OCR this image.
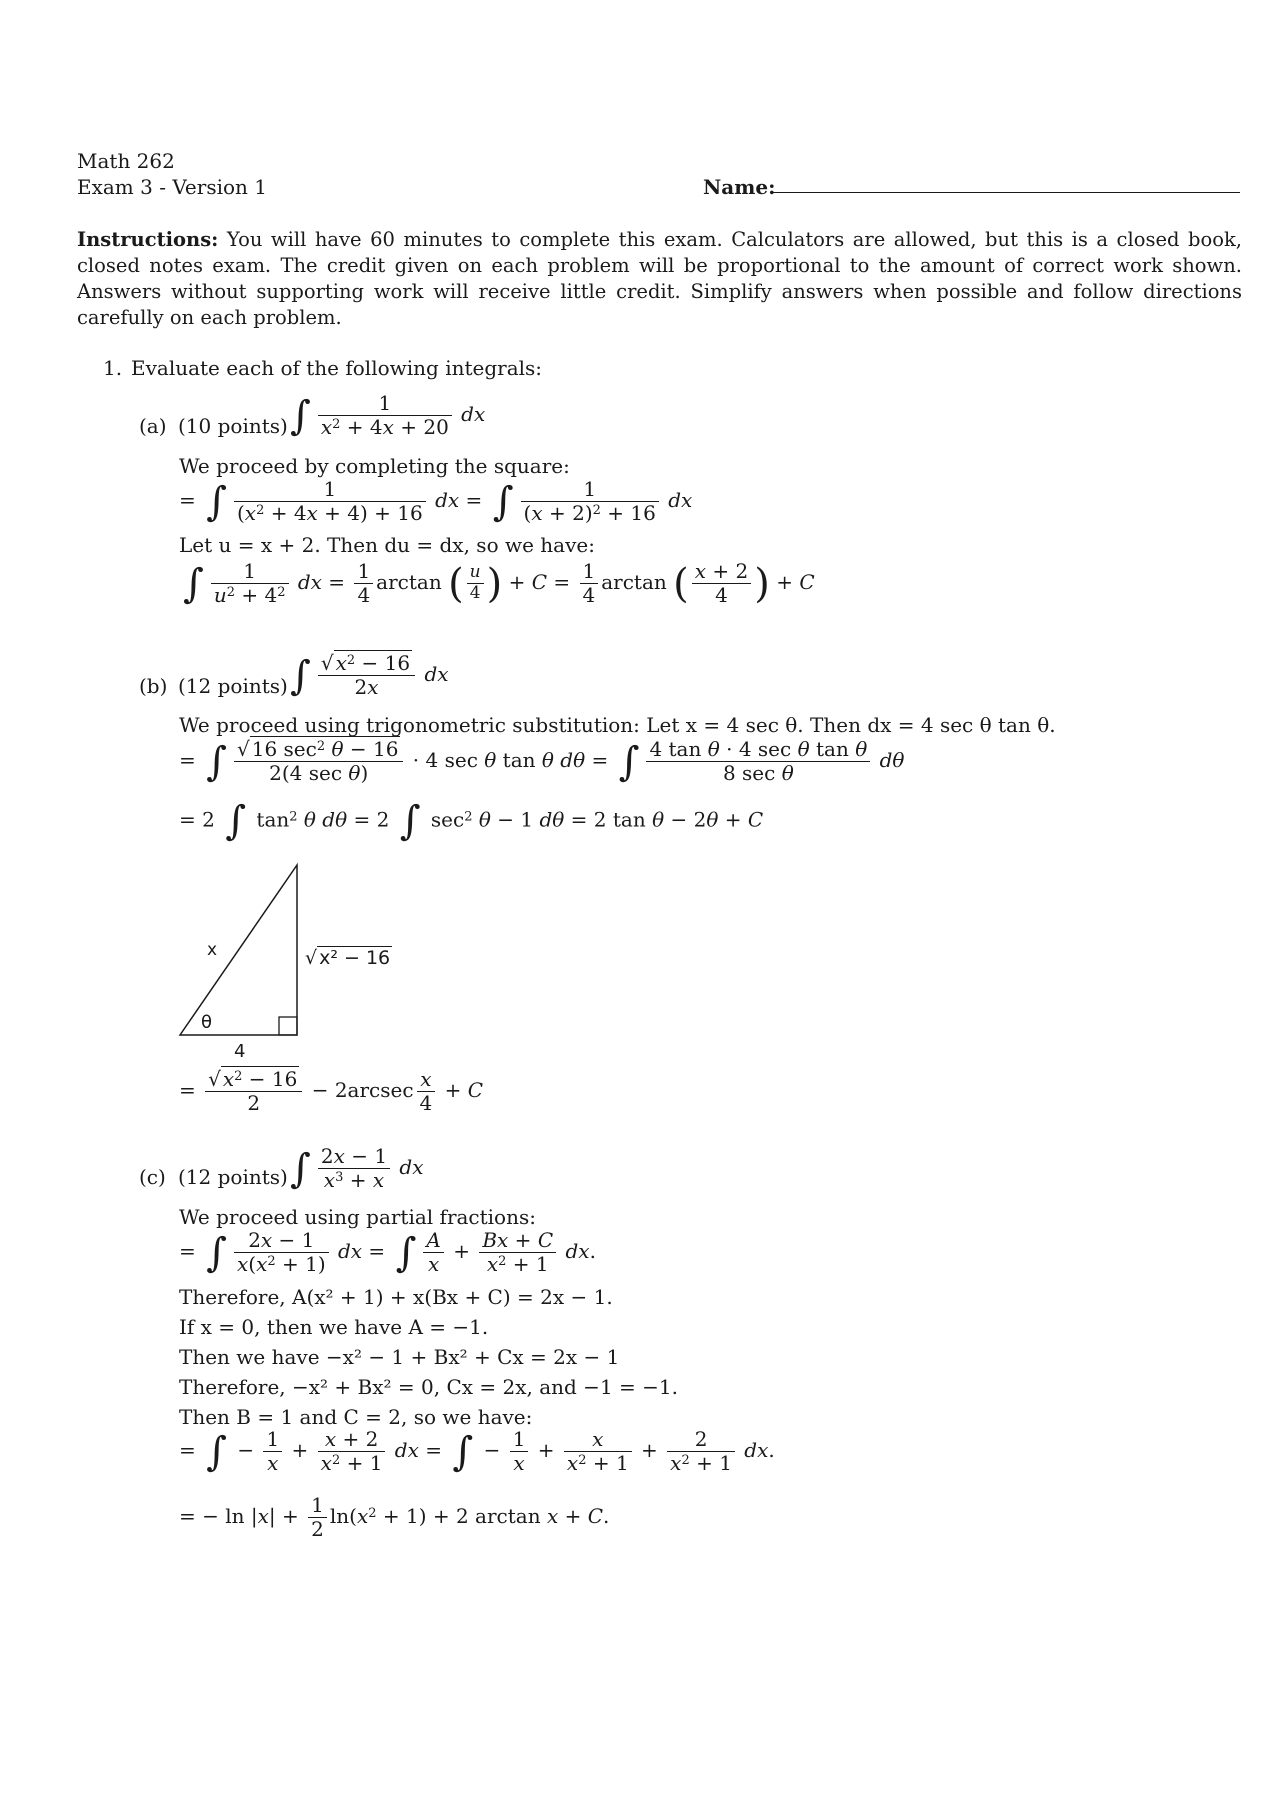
Math 262
Exam 3 - Version 1	Name:
Instructions: You will have 60 minutes to complete this exam. Calculators are allowed, but this is a closed book, closed notes exam. The credit given on each problem will be proportional to the amount of correct work shown. Answers without supporting work will receive little credit. Simplify answers when possible and follow directions carefully on each problem.
1. Evaluate each of the following integrals:
(a) (10 points) ∫ $\frac{1}{x^2 + 4x + 20}$ dx
We proceed by completing the square:
= ∫ $\frac{1}{(x^2 + 4x + 4) + 16}$ dx = ∫ $\frac{1}{(x + 2)^2 + 16}$ dx
Let u = x + 2. Then du = dx, so we have:
∫ $\frac{1}{u^2 + 4^2}$ dx = $\frac{1}{4}$ arctan ( $\frac{u}{4}$ ) + $C = \frac{1}{4}$ arctan ( $\frac{x + 2}{4}$ ) + C
(b) (12 points) ∫ $\frac{√ x^2 - 16}{2x}$ dx
We proceed using trigonometric substitution: Let x = 4 sec θ. Then dx = 4 sec θ tan θ.
= ∫ $\frac{√ 16 \sec^2 \theta - 16}{\text{2(4 sec θ)}} \cdot 4$ sec θ tan θ dθ = ∫ $\frac{\text{4 tan θ · 4 sec θ tan θ}}{\text{8 sec θ}}$ dθ
= 2 ∫ $\tan^2 \theta$ dθ = 2 ∫ $\sec^2 \theta - 1$ dθ = 2 tan θ − 2θ + C
x	√ x² − 16
θ
4
= $\frac{√ x^2 - 16}{2} - 2arcsec \frac{x}{4} + C$
(c) (12 points) ∫ $\frac{2x - 1}{x^3 + x}$ dx
We proceed using partial fractions:
= ∫ $\frac{2x - 1}{x(x^2 + 1)}$ dx = ∫ $\frac{A}{x} + \frac{Bx + C}{x^2 + 1}$ dx.
Therefore, A(x² + 1) + x(Bx + C) = 2x − 1.
If x = 0, then we have A = −1.
Then we have −x² − 1 + Bx² + Cx = 2x − 1
Therefore, −x² + Bx² = 0, Cx = 2x, and −1 = −1.
Then B = 1 and C = 2, so we have:
= ∫ − $\frac{1}{x} + \frac{x + 2}{x^2 + 1}$ dx = ∫ − $\frac{1}{x} + \frac{x}{x^2 + 1} + \frac{2}{x^2 + 1}$ dx.
= − $\ln |x| + \frac{1}{2} \ln(x^2 + 1) + 2$ arctan x + C.
